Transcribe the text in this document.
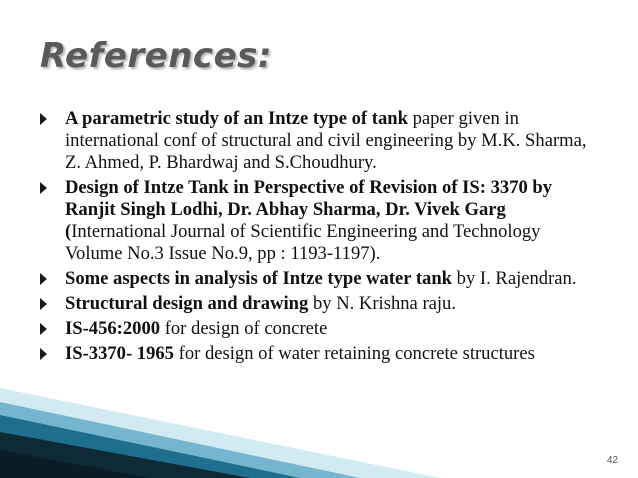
References:
A parametric study of an Intze type of tank paper given in international conf of structural and civil engineering by M.K. Sharma, Z. Ahmed, P. Bhardwaj and S.Choudhury.
Design of Intze Tank in Perspective of Revision of IS: 3370 by Ranjit Singh Lodhi, Dr. Abhay Sharma, Dr. Vivek Garg (International Journal of Scientific Engineering and Technology Volume No.3 Issue No.9, pp : 1193-1197).
Some aspects in analysis of Intze type water tank by I. Rajendran.
Structural design and drawing by N. Krishna raju.
IS-456:2000 for design of concrete
IS-3370- 1965 for design of water retaining concrete structures
42
